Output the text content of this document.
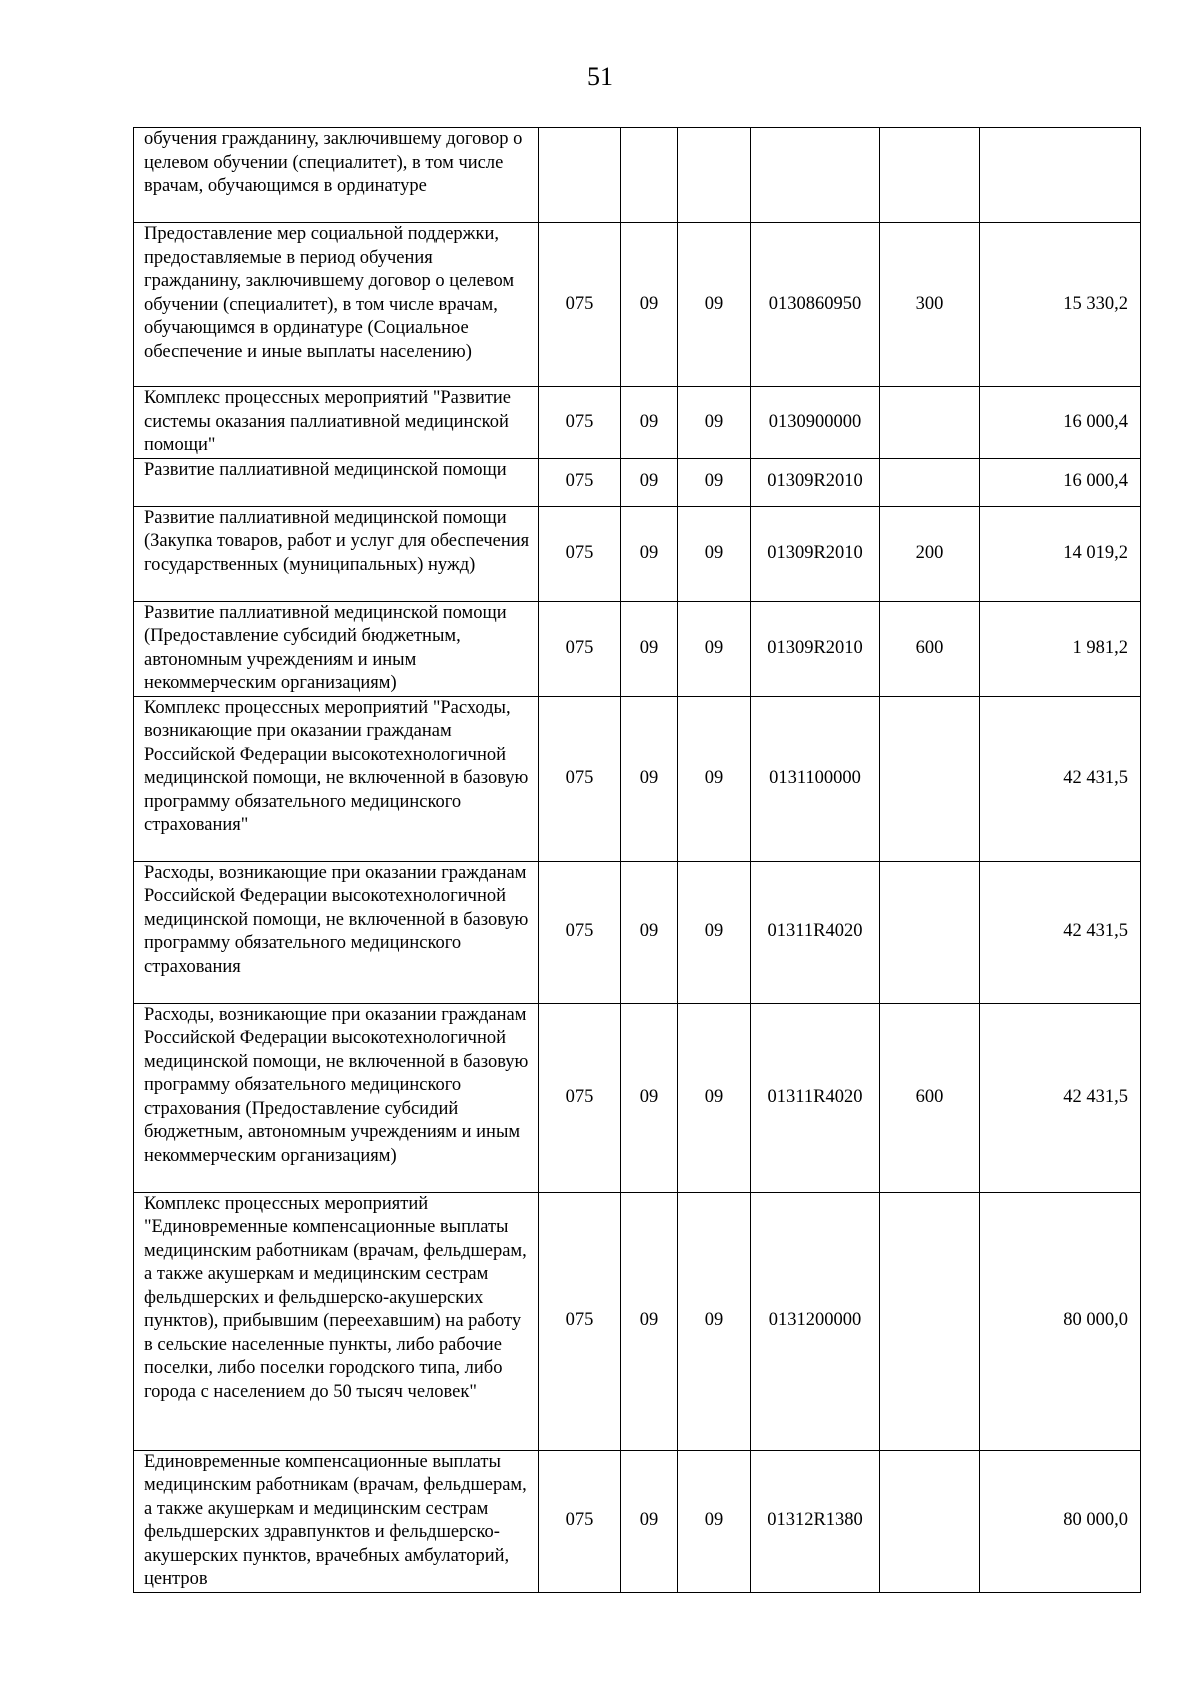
51
обучения гражданину, заключившему договор о целевом обучении (специалитет), в том числе врачам, обучающимся в ординатуре						
Предоставление мер социальной поддержки, предоставляемые в период обучения гражданину, заключившему договор о целевом обучении (специалитет), в том числе врачам, обучающимся в ординатуре (Социальное обеспечение и иные выплаты населению)	075	09	09	0130860950	300	15 330,2
Комплекс процессных мероприятий "Развитие системы оказания паллиативной медицинской помощи"	075	09	09	0130900000		16 000,4
Развитие паллиативной медицинской помощи	075	09	09	01309R2010		16 000,4
Развитие паллиативной медицинской помощи (Закупка товаров, работ и услуг для обеспечения государственных (муниципальных) нужд)	075	09	09	01309R2010	200	14 019,2
Развитие паллиативной медицинской помощи (Предоставление субсидий бюджетным, автономным учреждениям и иным некоммерческим организациям)	075	09	09	01309R2010	600	1 981,2
Комплекс процессных мероприятий "Расходы, возникающие при оказании гражданам Российской Федерации высокотехнологичной медицинской помощи, не включенной в базовую программу обязательного медицинского страхования"	075	09	09	0131100000		42 431,5
Расходы, возникающие при оказании гражданам Российской Федерации высокотехнологичной медицинской помощи, не включенной в базовую программу обязательного медицинского страхования	075	09	09	01311R4020		42 431,5
Расходы, возникающие при оказании гражданам Российской Федерации высокотехнологичной медицинской помощи, не включенной в базовую программу обязательного медицинского страхования (Предоставление субсидий бюджетным, автономным учреждениям и иным некоммерческим организациям)	075	09	09	01311R4020	600	42 431,5
Комплекс процессных мероприятий "Единовременные компенсационные выплаты медицинским работникам (врачам, фельдшерам, а также акушеркам и медицинским сестрам фельдшерских и фельдшерско-акушерских пунктов), прибывшим (переехавшим) на работу в сельские населенные пункты, либо рабочие поселки, либо поселки городского типа, либо города с населением до 50 тысяч человек"	075	09	09	0131200000		80 000,0
Единовременные компенсационные выплаты медицинским работникам (врачам, фельдшерам, а также акушеркам и медицинским сестрам фельдшерских здравпунктов и фельдшерско-акушерских пунктов, врачебных амбулаторий, центров	075	09	09	01312R1380		80 000,0
